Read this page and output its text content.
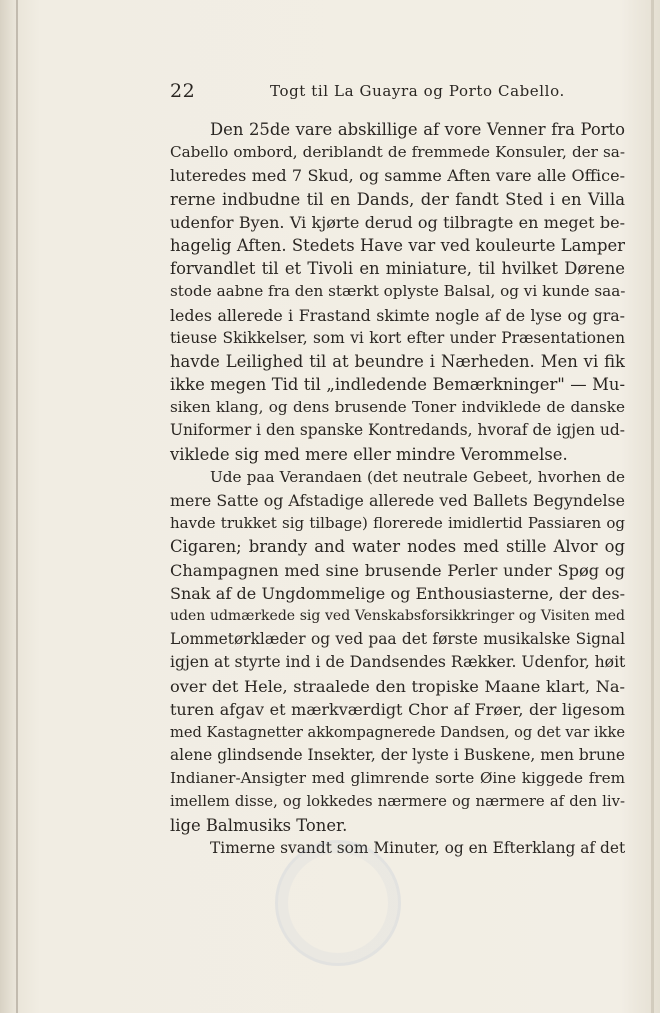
22	Togt til La Guayra og Porto Cabello.
Den 25de vare abskillige af vore Venner fra Porto
Cabello ombord, deriblandt de fremmede Konsuler, der sa-
luteredes med 7 Skud, og samme Aften vare alle Office-
rerne indbudne til en Dands, der fandt Sted i en Villa
udenfor Byen. Vi kjørte derud og tilbragte en meget be-
hagelig Aften. Stedets Have var ved kouleurte Lamper
forvandlet til et Tivoli en miniature, til hvilket Dørene
stode aabne fra den stærkt oplyste Balsal, og vi kunde saa-
ledes allerede i Frastand skimte nogle af de lyse og gra-
tieuse Skikkelser, som vi kort efter under Præsentationen
havde Leilighed til at beundre i Nærheden. Men vi fik
ikke megen Tid til „indledende Bemærkninger" — Mu-
siken klang, og dens brusende Toner indviklede de danske
Uniformer i den spanske Kontredands, hvoraf de igjen ud-
viklede sig med mere eller mindre Verommelse.
Ude paa Verandaen (det neutrale Gebeet, hvorhen de
mere Satte og Afstadige allerede ved Ballets Begyndelse
havde trukket sig tilbage) florerede imidlertid Passiaren og
Cigaren; brandy and water nodes med stille Alvor og
Champagnen med sine brusende Perler under Spøg og
Snak af de Ungdommelige og Enthousiasterne, der des-
uden udmærkede sig ved Venskabsforsikkringer og Visiten med
Lommetørklæder og ved paa det første musikalske Signal
igjen at styrte ind i de Dandsendes Rækker. Udenfor, høit
over det Hele, straalede den tropiske Maane klart, Na-
turen afgav et mærkværdigt Chor af Frøer, der ligesom
med Kastagnetter akkompagnerede Dandsen, og det var ikke
alene glindsende Insekter, der lyste i Buskene, men brune
Indianer-Ansigter med glimrende sorte Øine kiggede frem
imellem disse, og lokkedes nærmere og nærmere af den liv-
lige Balmusiks Toner.
Timerne svandt som Minuter, og en Efterklang af det
